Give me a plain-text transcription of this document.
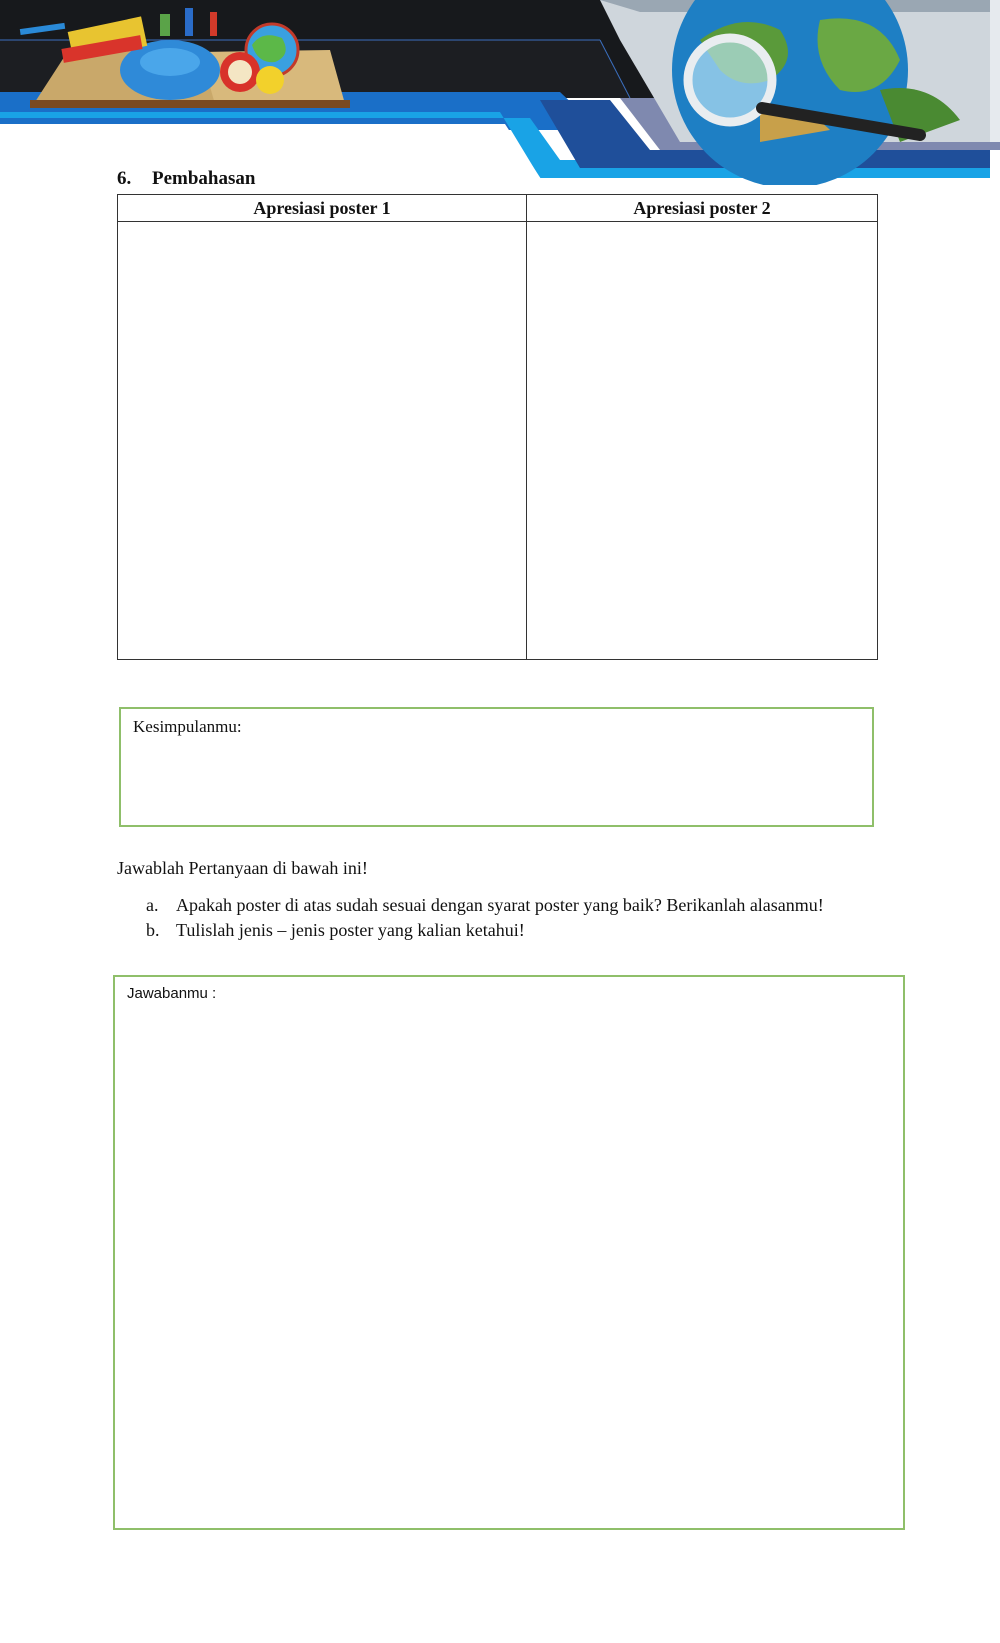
6. Pembahasan
Apresiasi poster 1	Apresiasi poster 2

Kesimpulanmu:
Jawablah Pertanyaan di bawah ini!
a. Apakah poster di atas sudah sesuai dengan syarat poster yang baik? Berikanlah alasanmu!
b. Tulislah jenis – jenis poster yang kalian ketahui!
Jawabanmu :
